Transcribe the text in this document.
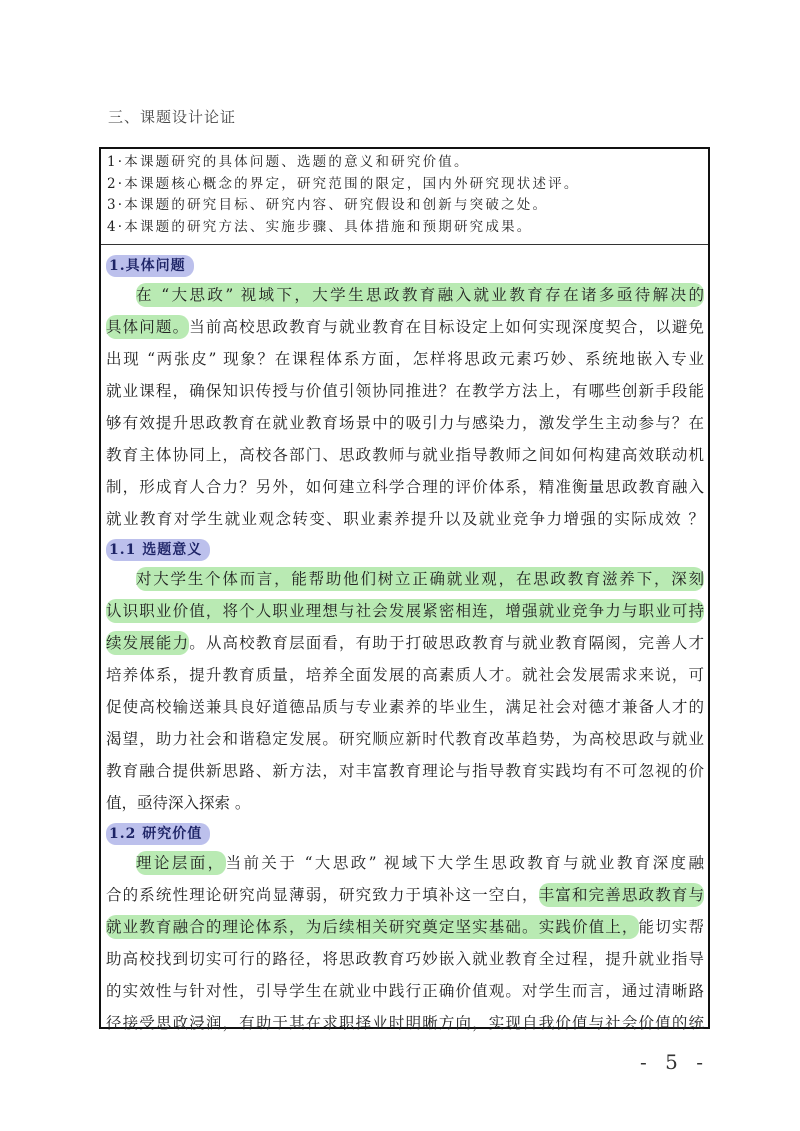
三、课题设计论证
1·本课题研究的具体问题、选题的意义和研究价值。
2·本课题核心概念的界定，研究范围的限定，国内外研究现状述评。
3·本课题的研究目标、研究内容、研究假设和创新与突破之处。
4·本课题的研究方法、实施步骤、具体措施和预期研究成果。
1.具体问题
在 “大思政” 视域下，大学生思政教育融入就业教育存在诸多亟待解决的
具体问题。当前高校思政教育与就业教育在目标设定上如何实现深度契合，以避免
出现 “两张皮” 现象？在课程体系方面，怎样将思政元素巧妙、系统地嵌入专业
就业课程，确保知识传授与价值引领协同推进？在教学方法上，有哪些创新手段能
够有效提升思政教育在就业教育场景中的吸引力与感染力，激发学生主动参与？在
教育主体协同上，高校各部门、思政教师与就业指导教师之间如何构建高效联动机
制，形成育人合力？另外，如何建立科学合理的评价体系，精准衡量思政教育融入
就业教育对学生就业观念转变、职业素养提升以及就业竞争力增强的实际成效 ？
1.1 选题意义
对大学生个体而言，能帮助他们树立正确就业观，在思政教育滋养下，深刻
认识职业价值，将个人职业理想与社会发展紧密相连，增强就业竞争力与职业可持
续发展能力。从高校教育层面看，有助于打破思政教育与就业教育隔阂，完善人才
培养体系，提升教育质量，培养全面发展的高素质人才。就社会发展需求来说，可
促使高校输送兼具良好道德品质与专业素养的毕业生，满足社会对德才兼备人才的
渴望，助力社会和谐稳定发展。研究顺应新时代教育改革趋势，为高校思政与就业
教育融合提供新思路、新方法，对丰富教育理论与指导教育实践均有不可忽视的价
值，亟待深入探索 。
1.2 研究价值
理论层面，当前关于 “大思政” 视域下大学生思政教育与就业教育深度融
合的系统性理论研究尚显薄弱，研究致力于填补这一空白，丰富和完善思政教育与
就业教育融合的理论体系，为后续相关研究奠定坚实基础。实践价值上，能切实帮
助高校找到切实可行的路径，将思政教育巧妙嵌入就业教育全过程，提升就业指导
的实效性与针对性，引导学生在就业中践行正确价值观。对学生而言，通过清晰路
径接受思政浸润，有助于其在求职择业时明晰方向，实现自我价值与社会价值的统
- 5 -
